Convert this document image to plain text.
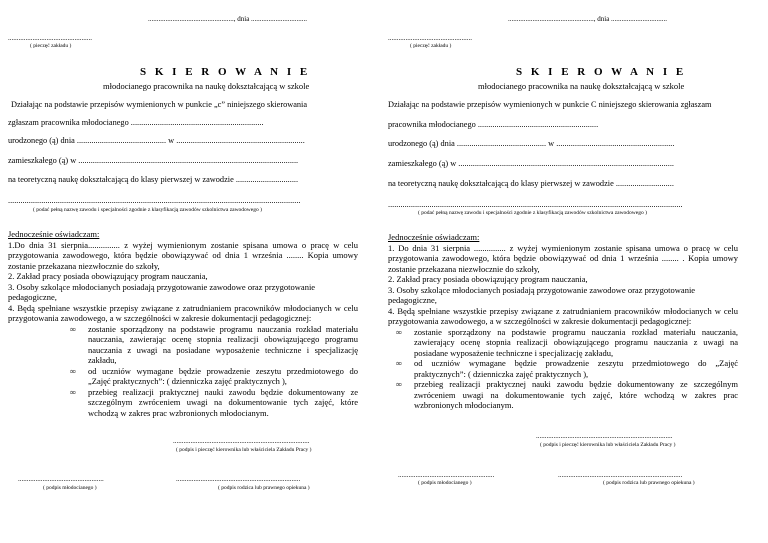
................................................., dnia ................................
................................................
( pieczęć zakładu )
S K I E R O W A N I E
młodocianego pracownika na naukę dokształcającą w szkole
Działając na podstawie przepisów wymienionych w punkcie „c” niniejszego skierowania
zgłaszam pracownika młodocianego ................................................................
urodzonego (ą) dnia ........................................... w ..............................................................
zamieszkałego (ą) w ..........................................................................................................
na teoretyczną naukę dokształcającą do klasy pierwszej w zawodzie ..............................
.............................................................................................................................................
( podać pełną nazwę zawodu i specjalności zgodnie z klasyfikacją zawodów szkolnictwa zawodowego )
Jednocześnie oświadczam:
1.Do dnia 31 sierpnia............... z wyżej wymienionym zostanie spisana umowa o pracę w celu przygotowania zawodowego, która będzie obowiązywać od dnia 1 września ........ Kopia umowy zostanie przekazana niezwłocznie do szkoły,
2. Zakład pracy posiada obowiązujący program nauczania,
3. Osoby szkolące młodocianych posiadają przygotowanie zawodowe oraz przygotowanie pedagogiczne,
4. Będą spełniane wszystkie przepisy związane z zatrudnianiem pracowników młodocianych w celu przygotowania zawodowego, a w szczególności w zakresie dokumentacji pedagogicznej:
∞ zostanie sporządzony na podstawie programu nauczania rozkład materiału nauczania, zawierając ocenę stopnia realizacji obowiązującego programu nauczania z uwagi na posiadane wyposażenie techniczne i specjalizację zakładu,
∞ od uczniów wymagane będzie prowadzenie zeszytu przedmiotowego do „Zajęć praktycznych”: ( dzienniczka zajęć praktycznych ),
∞ przebieg realizacji praktycznej nauki zawodu będzie dokumentowany ze szczególnym zwróceniem uwagi na dokumentowanie tych zajęć, które wchodzą w zakres prac wzbronionych młodocianym.
..............................................................................
( podpis i pieczęć kierownika lub właściciela Zakładu Pracy )
.................................................
( podpis młodocianego )
.......................................................................
( podpis rodzica lub prawnego opiekuna )
................................................., dnia ................................
................................................
( pieczęć zakładu )
S K I E R O W A N I E
młodocianego pracownika na naukę dokształcającą w szkole
Działając na podstawie przepisów wymienionych w punkcie C niniejszego skierowania zgłaszam
pracownika młodocianego ..........................................................
urodzonego (ą) dnia ........................................... w .........................................................
zamieszkałego (ą) w ........................................................................................................
na teoretyczną naukę dokształcającą do klasy pierwszej w zawodzie ............................
..............................................................................................................................................
( podać pełną nazwę zawodu i specjalności zgodnie z klasyfikacją zawodów szkolnictwa zawodowego )
Jednocześnie oświadczam:
1. Do dnia 31 sierpnia ............... z wyżej wymienionym zostanie spisana umowa o pracę w celu przygotowania zawodowego, która będzie obowiązywać od dnia 1 września ........ . Kopia umowy zostanie przekazana niezwłocznie do szkoły,
2. Zakład pracy posiada obowiązujący program nauczania,
3. Osoby szkolące młodocianych posiadają przygotowanie zawodowe oraz przygotowanie pedagogiczne,
4. Będą spełniane wszystkie przepisy związane z zatrudnianiem pracowników młodocianych w celu przygotowania zawodowego, a w szczególności w zakresie dokumentacji pedagogicznej:
∞ zostanie sporządzony na podstawie programu nauczania rozkład materiału nauczania, zawierający ocenę stopnia realizacji obowiązującego programu nauczania z uwagi na posiadane wyposażenie techniczne i specjalizację zakładu,
∞ od uczniów wymagane będzie prowadzenie zeszytu przedmiotowego do „Zajęć praktycznych”: ( dzienniczka zajęć praktycznych ),
∞ przebieg realizacji praktycznej nauki zawodu będzie dokumentowany ze szczególnym zwróceniem uwagi na dokumentowanie tych zajęć, które wchodzą w zakres prac wzbronionych młodocianym.
..............................................................................
( podpis i pieczęć kierownika lub właściciela Zakładu Pracy )
.......................................................
( podpis młodocianego )
.......................................................................
( podpis rodzica lub prawnego opiekuna )
